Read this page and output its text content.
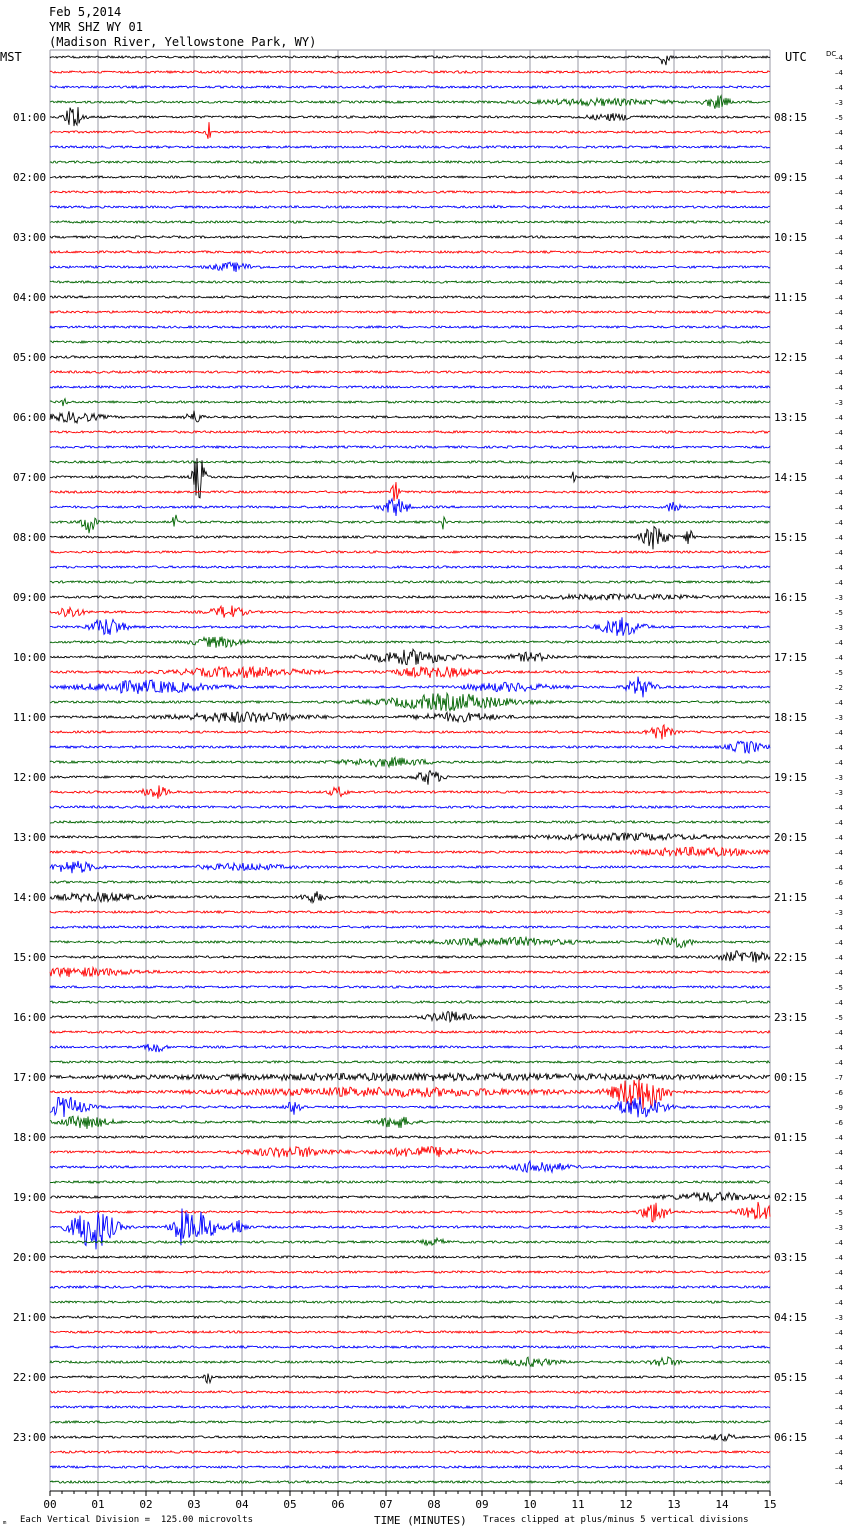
Feb 5,2014
YMR SHZ WY 01
(Madison River, Yellowstone Park, WY)
01:00
02:00
03:00
04:00
05:00
06:00
07:00
08:00
09:00
10:00
11:00
12:00
13:00
14:00
15:00
16:00
17:00
18:00
19:00
20:00
21:00
22:00
23:00
08:15
09:15
10:15
11:15
12:15
13:15
14:15
15:15
16:15
17:15
18:15
19:15
20:15
21:15
22:15
23:15
00:15
01:15
02:15
03:15
04:15
05:15
06:15
–4
–4
–4
–3
–5
–4
–4
–4
–4
–4
–4
–4
–4
–4
–4
–4
–4
–4
–4
–4
–4
–4
–4
–3
–4
–4
–4
–4
–4
–4
–4
–4
–4
–4
–4
–4
–3
–5
–3
–4
–4
–5
–2
–4
–3
–4
–4
–4
–3
–3
–4
–4
–4
–4
–4
–6
–4
–3
–4
–4
–4
–4
–5
–4
–5
–4
–4
–4
–7
–6
–9
–6
–4
–4
–4
–4
–4
–5
–3
–4
–4
–4
–4
–4
–3
–4
–4
–4
–4
–4
–4
–4
–4
–4
–4
–4
00	01	02	03	04	05	06	07	08	09	10	11	12	13	14	15
MST	UTC	DC
TIME (MINUTES)
ₘ Each Vertical Division =  125.00 microvolts	Traces clipped at plus/minus 5 vertical divisions
